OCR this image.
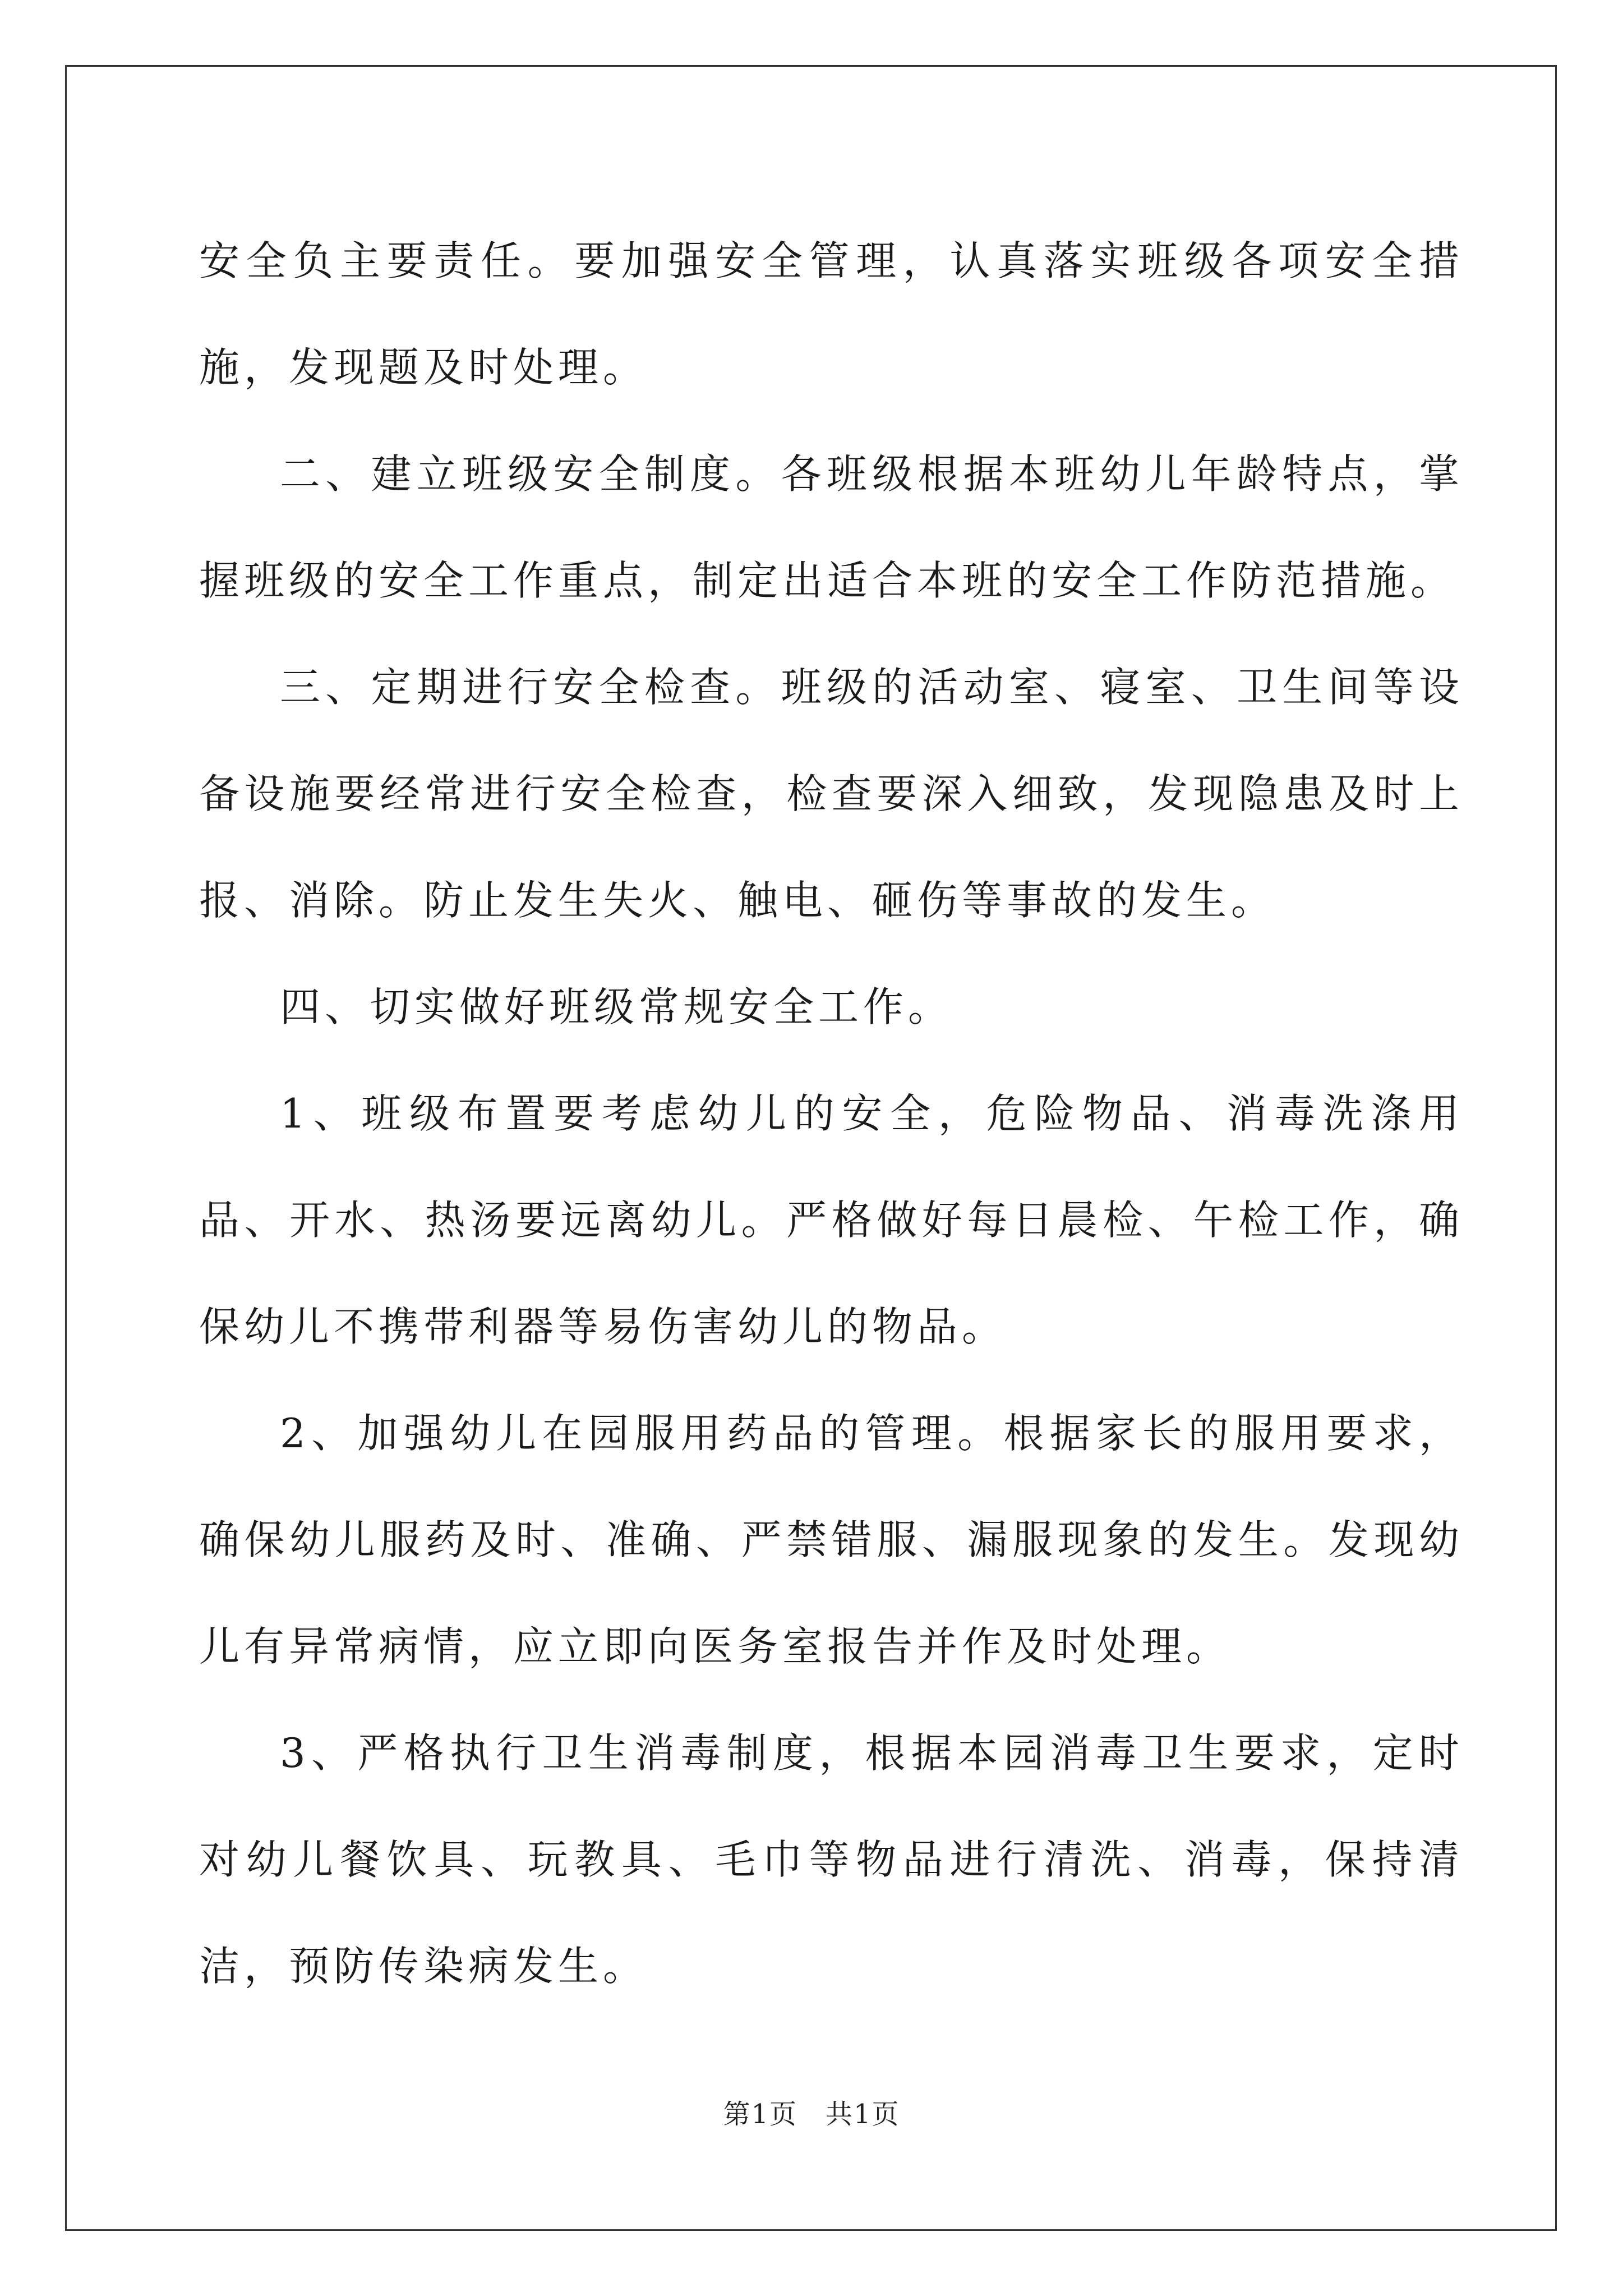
安全负主要责任。要加强安全管理，认真落实班级各项安全措施，发现题及时处理。

二、建立班级安全制度。各班级根据本班幼儿年龄特点，掌握班级的安全工作重点，制定出适合本班的安全工作防范措施。

三、定期进行安全检查。班级的活动室、寝室、卫生间等设备设施要经常进行安全检查，检查要深入细致，发现隐患及时上报、消除。防止发生失火、触电、砸伤等事故的发生。

四、切实做好班级常规安全工作。

1、班级布置要考虑幼儿的安全，危险物品、消毒洗涤用品、开水、热汤要远离幼儿。严格做好每日晨检、午检工作，确保幼儿不携带利器等易伤害幼儿的物品。

2、加强幼儿在园服用药品的管理。根据家长的服用要求，确保幼儿服药及时、准确、严禁错服、漏服现象的发生。发现幼儿有异常病情，应立即向医务室报告并作及时处理。

3、严格执行卫生消毒制度，根据本园消毒卫生要求，定时对幼儿餐饮具、玩教具、毛巾等物品进行清洗、消毒，保持清洁，预防传染病发生。

第1页　共1页
